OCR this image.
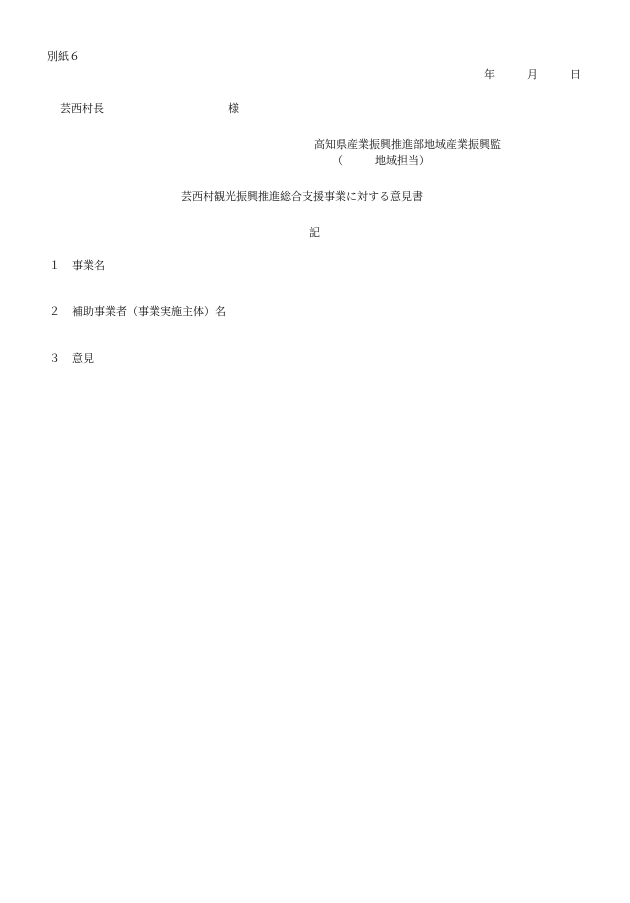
別紙６
年	月	日
芸西村長	様
高知県産業振興推進部地域産業振興監
（	地域担当）
芸西村観光振興推進総合支援事業に対する意見書
記
１ 事業名
２ 補助事業者（事業実施主体）名
３ 意見
